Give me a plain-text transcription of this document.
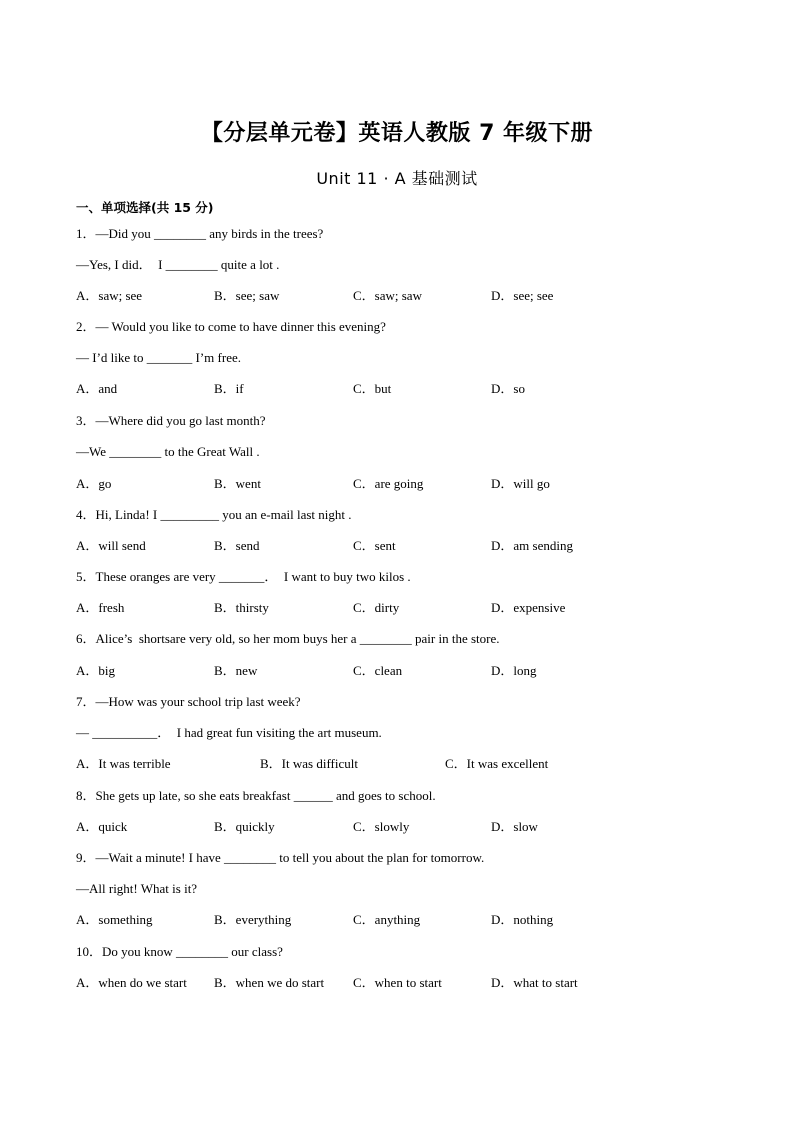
【分层单元卷】英语人教版 7 年级下册
Unit 11 · A 基础测试
一、单项选择(共 15 分)
1．—Did you ________ any birds in the trees?
—Yes, I did．  I ________ quite a lot .
A．saw; see	B．see; saw	C．saw; saw	D．see; see
2．— Would you like to come to have dinner this evening?
— I’d like to _______ I’m free.
A．and	B．if	C．but	D．so
3．—Where did you go last month?
—We ________ to the Great Wall .
A．go	B．went	C．are going	D．will go
4．Hi, Linda! I _________ you an e-mail last night .
A．will send	B．send	C．sent	D．am sending
5．These oranges are very _______．  I want to buy two kilos .
A．fresh	B．thirsty	C．dirty	D．expensive
6．Alice’s  shortsare very old, so her mom buys her a ________ pair in the store.
A．big	B．new	C．clean	D．long
7．—How was your school trip last week?
— __________．  I had great fun visiting the art museum.
A．It was terrible	B．It was difficult	C．It was excellent
8．She gets up late, so she eats breakfast ______ and goes to school.
A．quick	B．quickly	C．slowly	D．slow
9．—Wait a minute! I have ________ to tell you about the plan for tomorrow.
—All right! What is it?
A．something	B．everything	C．anything	D．nothing
10．Do you know ________ our class?
A．when do we start B．when we do start C．when to start	D．what to start
